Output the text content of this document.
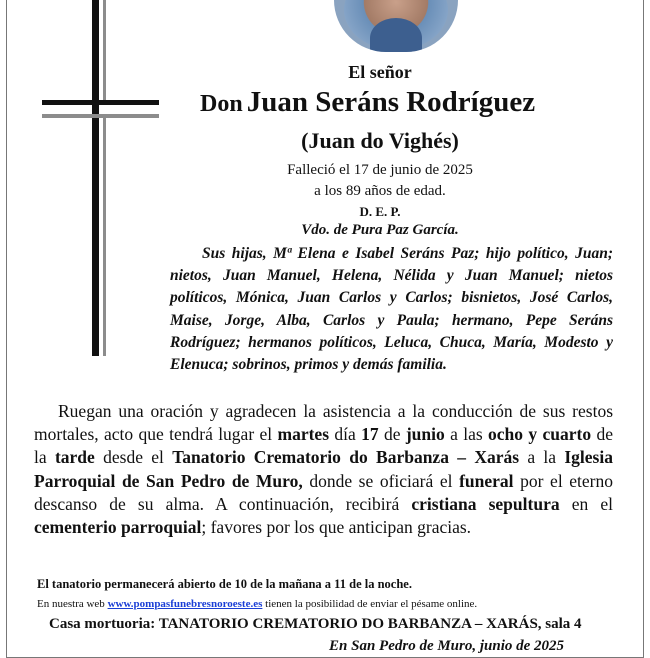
El señor
Don Juan Seráns Rodríguez
(Juan do Vighés)
Falleció el 17 de junio de 2025
a los 89 años de edad.
D. E. P.
Vdo. de Pura Paz García.
Sus hijas, Mª Elena e Isabel Seráns Paz; hijo político, Juan; nietos, Juan Manuel, Helena, Nélida y Juan Manuel; nietos políticos, Mónica, Juan Carlos y Carlos; bisnietos, José Carlos, Maise, Jorge, Alba, Carlos y Paula; hermano, Pepe Seráns Rodríguez; hermanos políticos, Leluca, Chuca, María, Modesto y Elenuca; sobrinos, primos y demás familia.
Ruegan una oración y agradecen la asistencia a la conducción de sus restos mortales, acto que tendrá lugar el martes día 17 de junio a las ocho y cuarto de la tarde desde el Tanatorio Crematorio do Barbanza – Xarás a la Iglesia Parroquial de San Pedro de Muro, donde se oficiará el funeral por el eterno descanso de su alma. A continuación, recibirá cristiana sepultura en el cementerio parroquial; favores por los que anticipan gracias.
El tanatorio permanecerá abierto de 10 de la mañana a 11 de la noche.
En nuestra web www.pompasfunebresnoroeste.es tienen la posibilidad de enviar el pésame online.
Casa mortuoria: TANATORIO CREMATORIO DO BARBANZA – XARÁS, sala 4
En San Pedro de Muro, junio de 2025
